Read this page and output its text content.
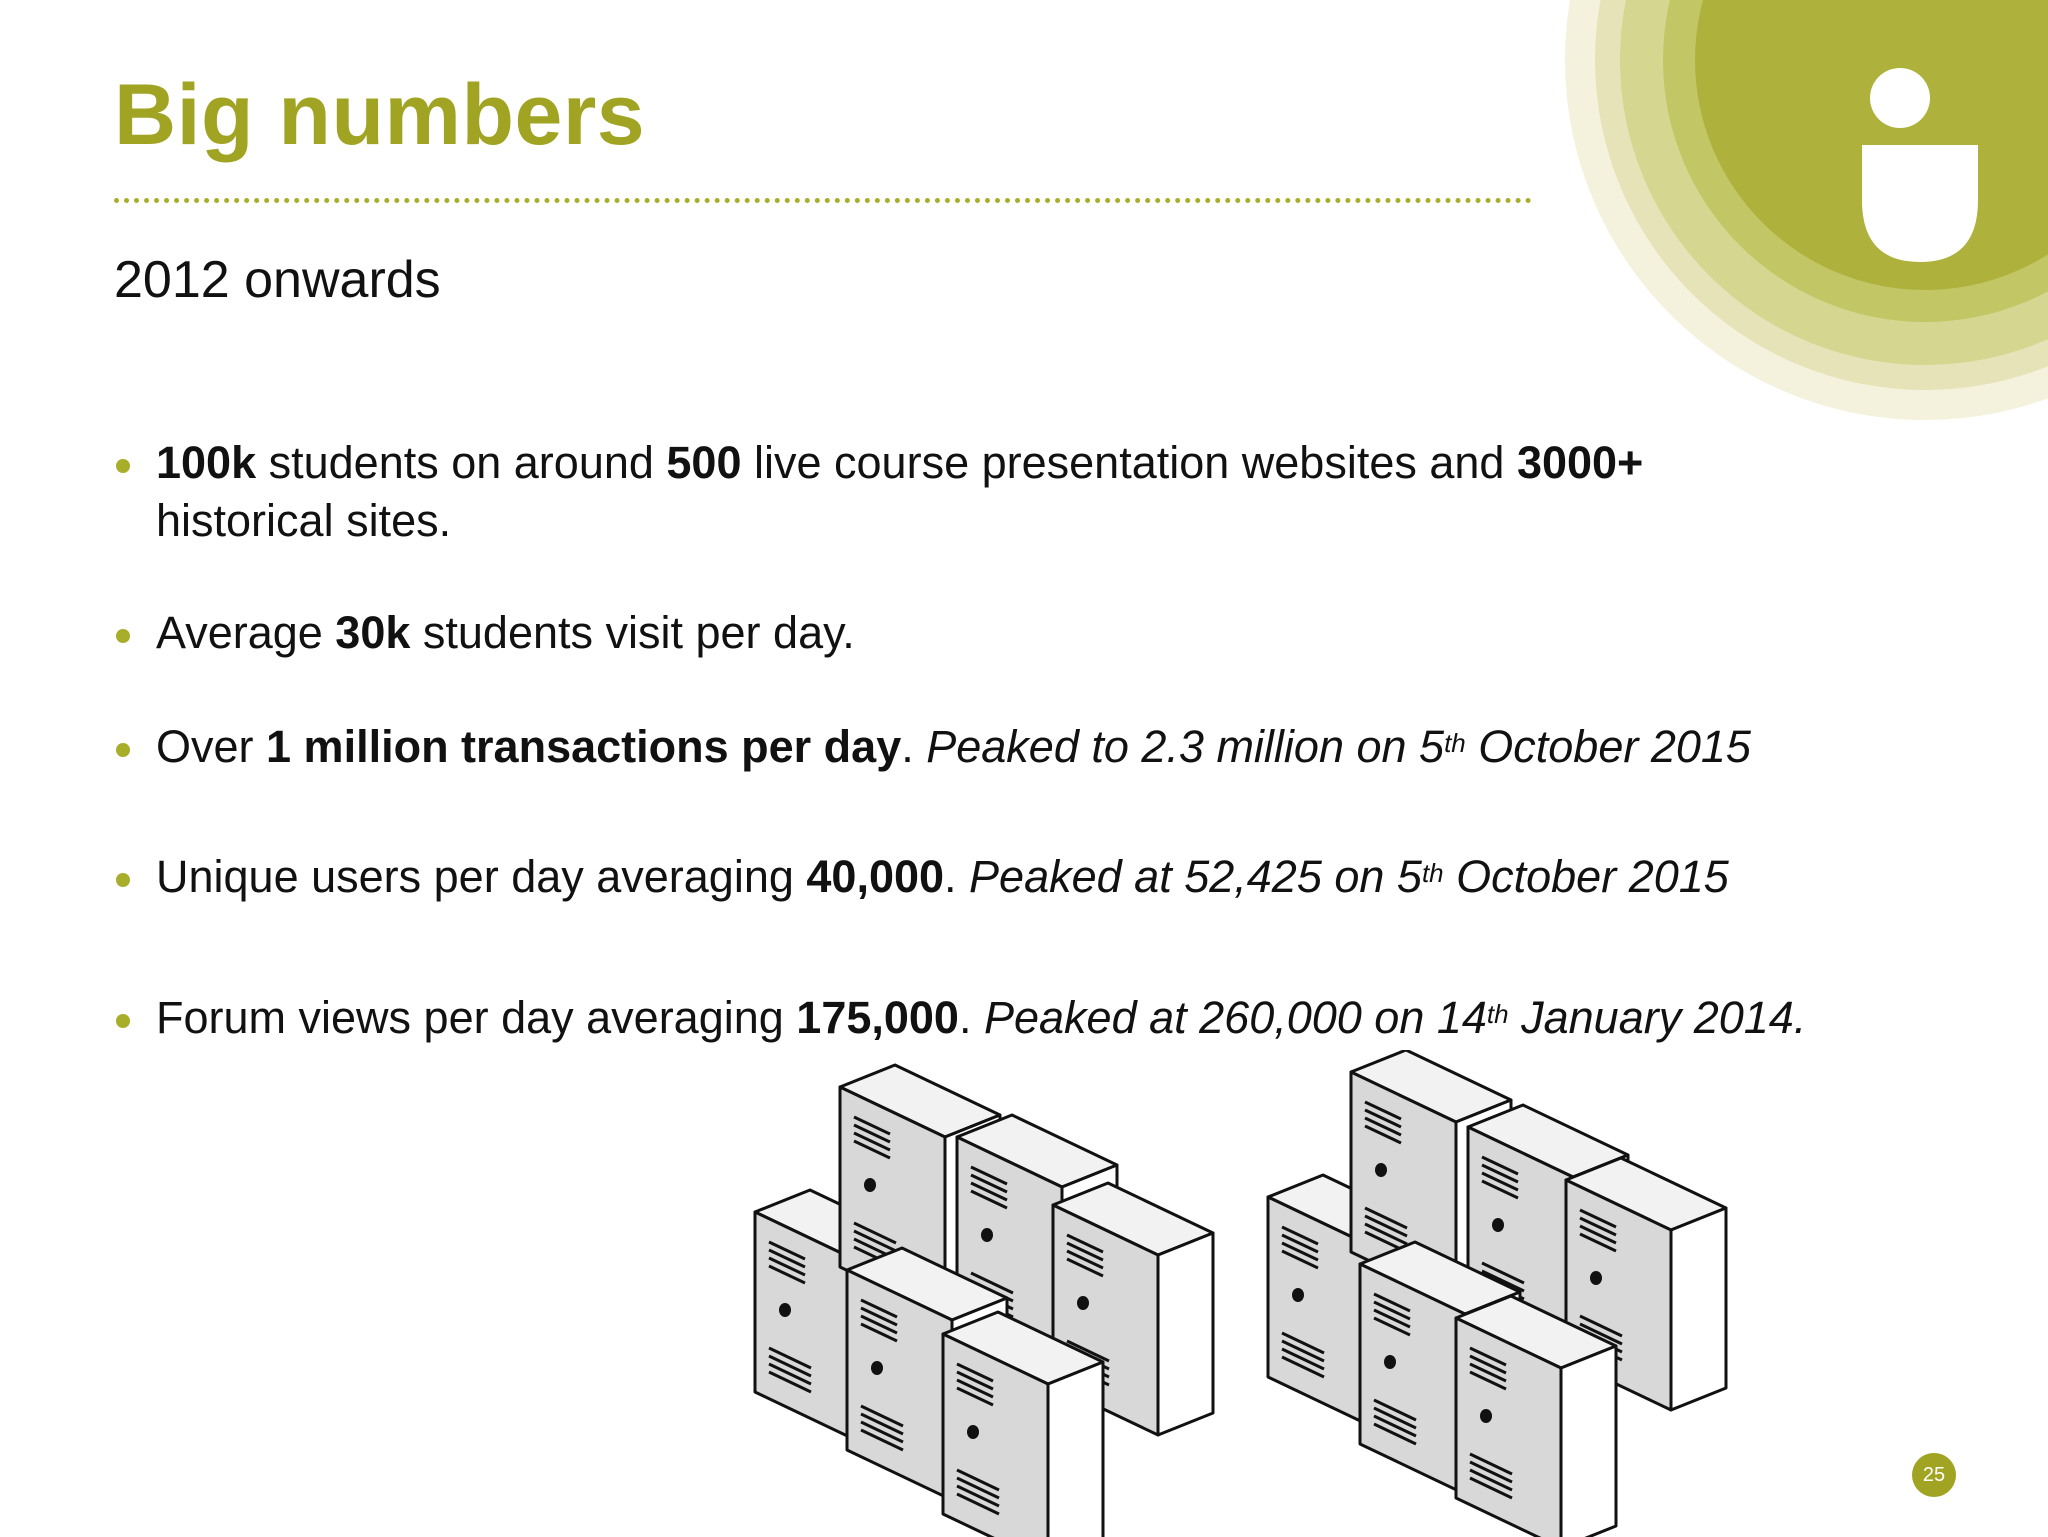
Big numbers
2012 onwards
100k students on around 500 live course presentation websites and 3000+
historical sites.
Average 30k students visit per day.
Over 1 million transactions per day. Peaked to 2.3 million on 5th October 2015
Unique users per day averaging 40,000. Peaked at 52,425 on 5th October 2015
Forum views per day averaging 175,000. Peaked at 260,000 on 14th January 2014.
25
